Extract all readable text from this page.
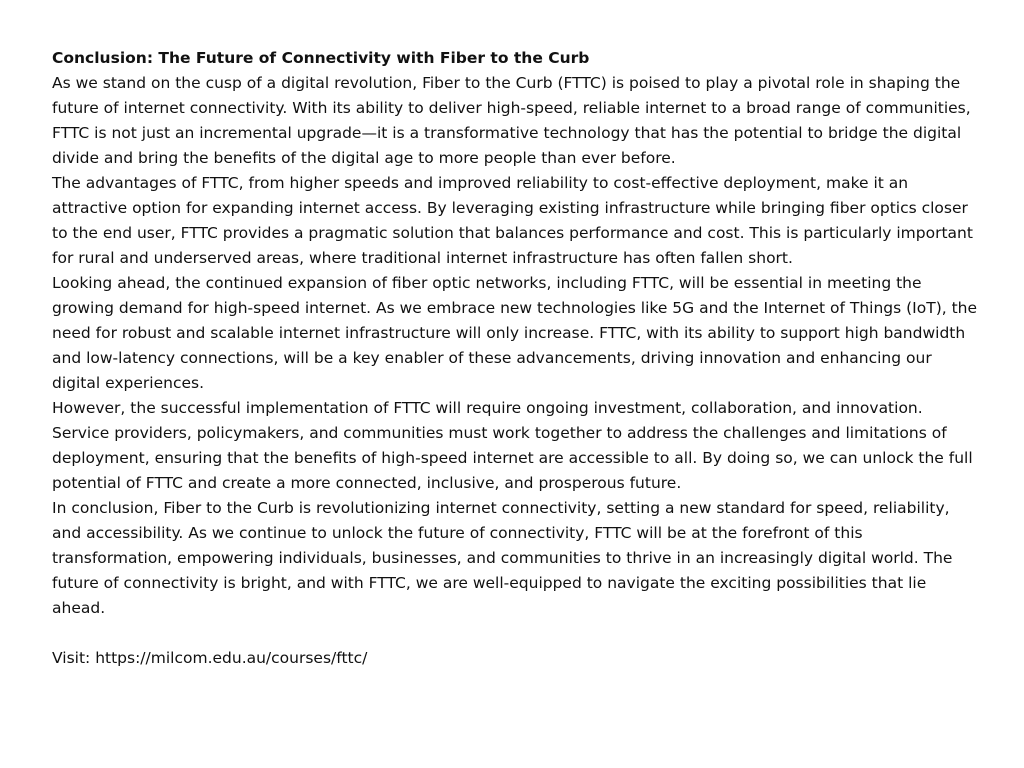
Conclusion: The Future of Connectivity with Fiber to the Curb

As we stand on the cusp of a digital revolution, Fiber to the Curb (FTTC) is poised to play a pivotal role in shaping the future of internet connectivity. With its ability to deliver high-speed, reliable internet to a broad range of communities, FTTC is not just an incremental upgrade—it is a transformative technology that has the potential to bridge the digital divide and bring the benefits of the digital age to more people than ever before.

The advantages of FTTC, from higher speeds and improved reliability to cost-effective deployment, make it an attractive option for expanding internet access. By leveraging existing infrastructure while bringing fiber optics closer to the end user, FTTC provides a pragmatic solution that balances performance and cost. This is particularly important for rural and underserved areas, where traditional internet infrastructure has often fallen short.

Looking ahead, the continued expansion of fiber optic networks, including FTTC, will be essential in meeting the growing demand for high-speed internet. As we embrace new technologies like 5G and the Internet of Things (IoT), the need for robust and scalable internet infrastructure will only increase. FTTC, with its ability to support high bandwidth and low-latency connections, will be a key enabler of these advancements, driving innovation and enhancing our digital experiences.

However, the successful implementation of FTTC will require ongoing investment, collaboration, and innovation. Service providers, policymakers, and communities must work together to address the challenges and limitations of deployment, ensuring that the benefits of high-speed internet are accessible to all. By doing so, we can unlock the full potential of FTTC and create a more connected, inclusive, and prosperous future.

In conclusion, Fiber to the Curb is revolutionizing internet connectivity, setting a new standard for speed, reliability, and accessibility. As we continue to unlock the future of connectivity, FTTC will be at the forefront of this transformation, empowering individuals, businesses, and communities to thrive in an increasingly digital world. The future of connectivity is bright, and with FTTC, we are well-equipped to navigate the exciting possibilities that lie ahead.

Visit: https://milcom.edu.au/courses/fttc/
